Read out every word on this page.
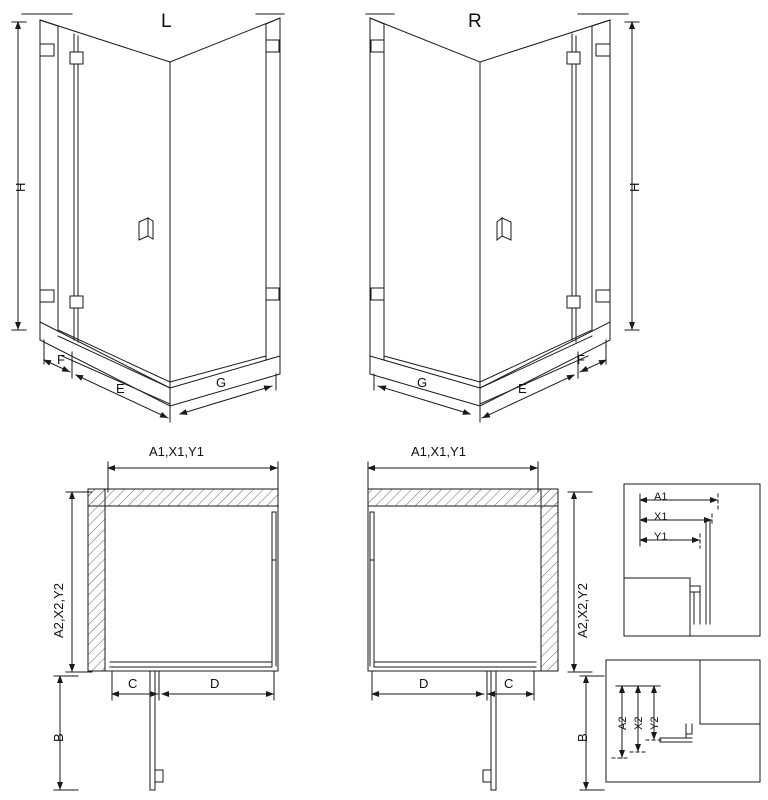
L	R
H	H
F
E	G	G	E
F
A1,X1,Y1
A2,X2,Y2
C	D
B
A1,X1,Y1
A2,X2,Y2
D	C
B
A1
X1
Y1
A2 X2 Y2
